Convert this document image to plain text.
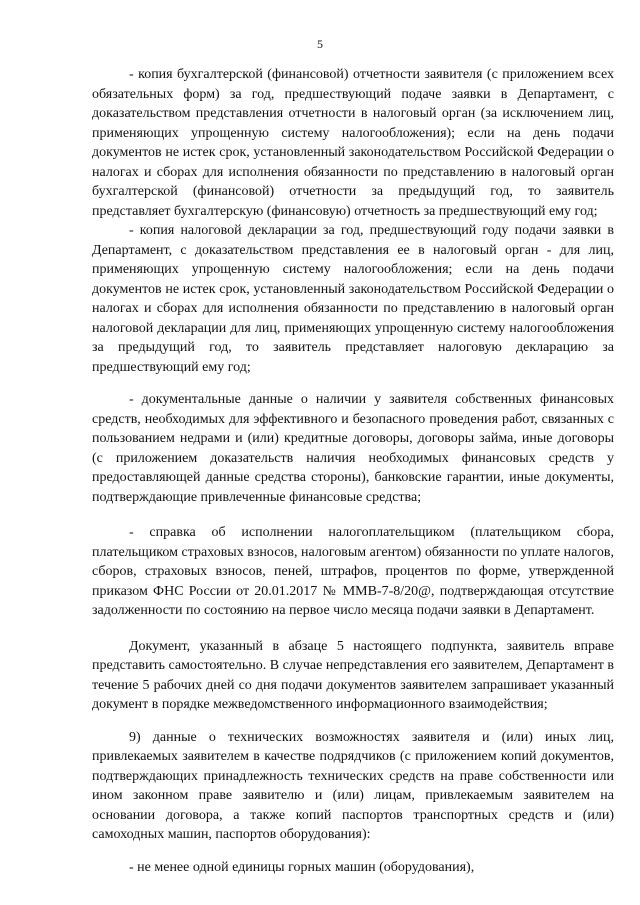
5

- копия бухгалтерской (финансовой) отчетности заявителя (с приложением всех обязательных форм) за год, предшествующий подаче заявки в Департамент, с доказательством представления отчетности в налоговый орган (за исключением лиц, применяющих упрощенную систему налогообложения); если на день подачи документов не истек срок, установленный законодательством Российской Федерации о налогах и сборах для исполнения обязанности по представлению в налоговый орган бухгалтерской (финансовой) отчетности за предыдущий год, то заявитель представляет бухгалтерскую (финансовую) отчетность за предшествующий ему год;

- копия налоговой декларации за год, предшествующий году подачи заявки в Департамент, с доказательством представления ее в налоговый орган - для лиц, применяющих упрощенную систему налогообложения; если на день подачи документов не истек срок, установленный законодательством Российской Федерации о налогах и сборах для исполнения обязанности по представлению в налоговый орган налоговой декларации для лиц, применяющих упрощенную систему налогообложения за предыдущий год, то заявитель представляет налоговую декларацию за предшествующий ему год;

- документальные данные о наличии у заявителя собственных финансовых средств, необходимых для эффективного и безопасного проведения работ, связанных с пользованием недрами и (или) кредитные договоры, договоры займа, иные договоры (с приложением доказательств наличия необходимых финансовых средств у предоставляющей данные средства стороны), банковские гарантии, иные документы, подтверждающие привлеченные финансовые средства;

- справка об исполнении налогоплательщиком (плательщиком сбора, плательщиком страховых взносов, налоговым агентом) обязанности по уплате налогов, сборов, страховых взносов, пеней, штрафов, процентов по форме, утвержденной приказом ФНС России от 20.01.2017 № ММВ-7-8/20@, подтверждающая отсутствие задолженности по состоянию на первое число месяца подачи заявки в Департамент.

Документ, указанный в абзаце 5 настоящего подпункта, заявитель вправе представить самостоятельно. В случае непредставления его заявителем, Департамент в течение 5 рабочих дней со дня подачи документов заявителем запрашивает указанный документ в порядке межведомственного информационного взаимодействия;

9) данные о технических возможностях заявителя и (или) иных лиц, привлекаемых заявителем в качестве подрядчиков (с приложением копий документов, подтверждающих принадлежность технических средств на праве собственности или ином законном праве заявителю и (или) лицам, привлекаемым заявителем на основании договора, а также копий паспортов транспортных средств и (или) самоходных машин, паспортов оборудования):

- не менее одной единицы горных машин (оборудования),
